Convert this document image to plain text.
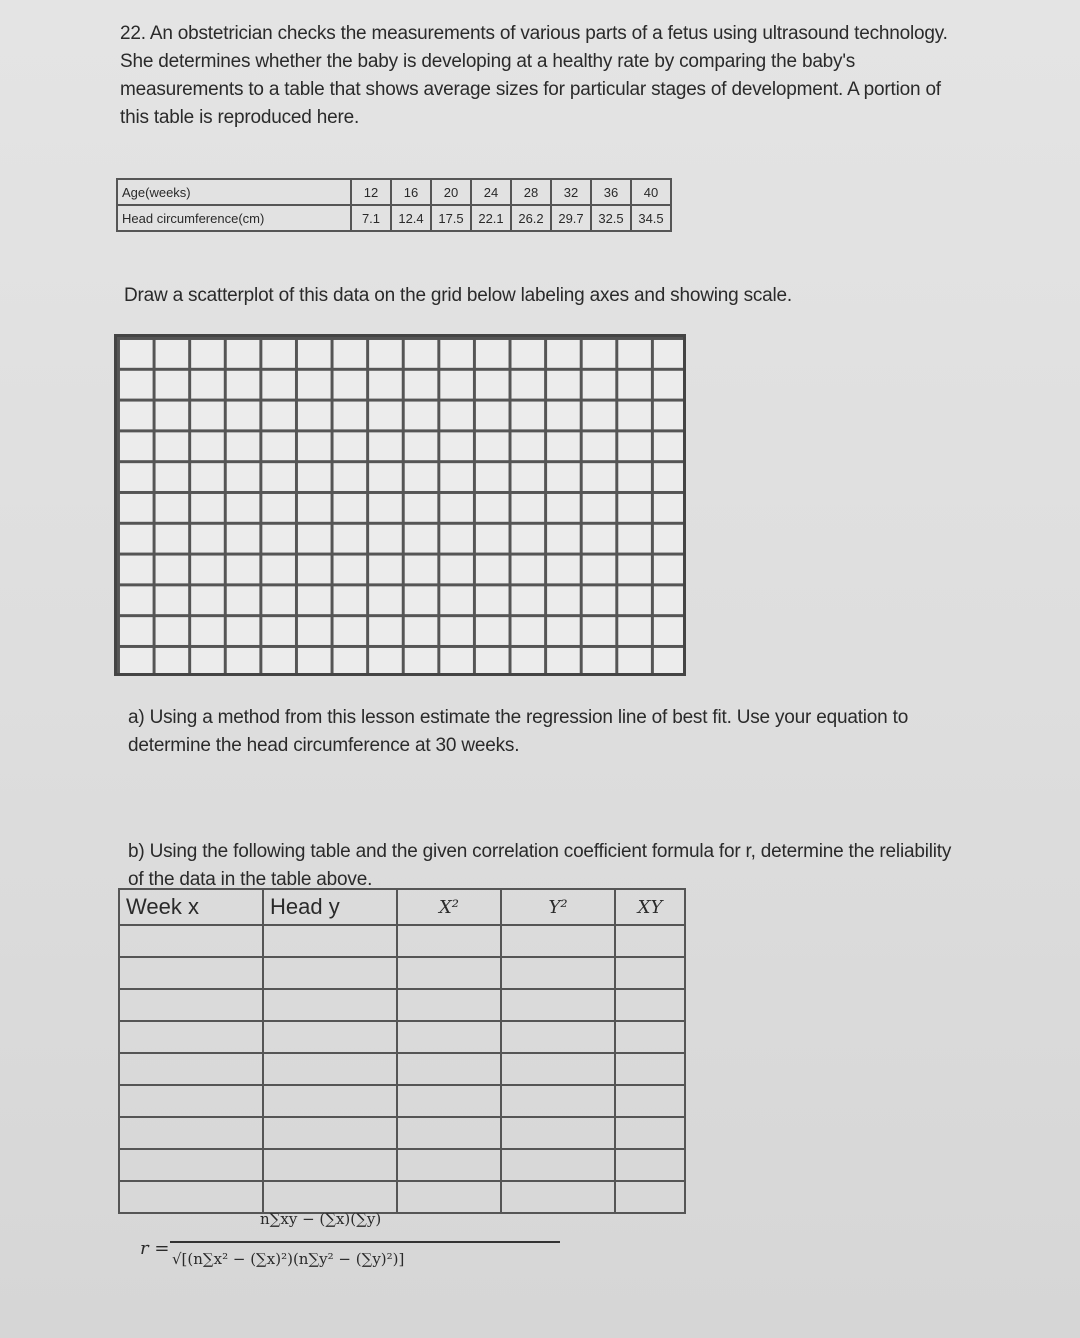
22. An obstetrician checks the measurements of various parts of a fetus using ultrasound technology. She determines whether the baby is developing at a healthy rate by comparing the baby's measurements to a table that shows average sizes for particular stages of development. A portion of this table is reproduced here.
Age(weeks)	12	16	20	24	28	32	36	40
Head circumference(cm)	7.1	12.4	17.5	22.1	26.2	29.7	32.5	34.5
Draw a scatterplot of this data on the grid below labeling axes and showing scale.
a) Using a method from this lesson estimate the regression line of best fit. Use your equation to determine the head circumference at 30 weeks.
b) Using the following table and the given correlation coefficient formula for r, determine the reliability of the data in the table above.
Week x	Head y	X²	Y²	XY

r =
n∑xy − (∑x)(∑y)
√[(n∑x² − (∑x)²)(n∑y² − (∑y)²)]
